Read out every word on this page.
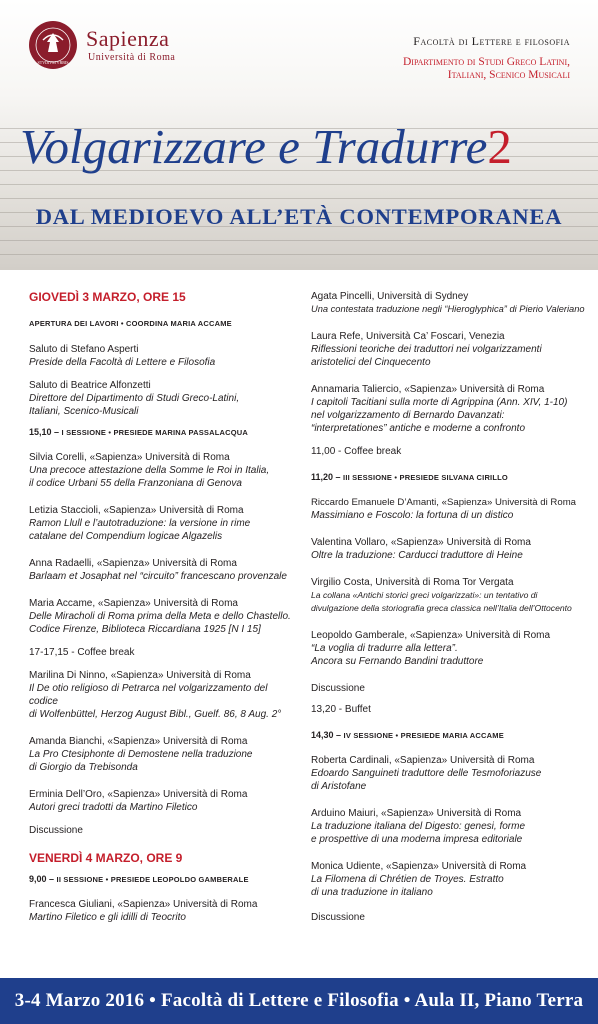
STVDIVM VRBIS
Sapienza
Università di Roma
Facoltà di Lettere e filosofia
Dipartimento di Studi Greco Latini,
Italiani, Scenico Musicali
Volgarizzare e Tradurre2
DAL MEDIOEVO ALL’ETÀ CONTEMPORANEA
GIOVEDÌ 3 MARZO, ORE 15
APERTURA DEI LAVORI • COORDINA MARIA ACCAME
Saluto di Stefano Asperti
Preside della Facoltà di Lettere e Filosofia
Saluto di Beatrice Alfonzetti
Direttore del Dipartimento di Studi Greco-Latini,
Italiani, Scenico-Musicali
15,10 – I SESSIONE • PRESIEDE MARINA PASSALACQUA
Silvia Corelli, «Sapienza» Università di Roma
Una precoce attestazione della Somme le Roi in Italia,
il codice Urbani 55 della Franzoniana di Genova
Letizia Staccioli, «Sapienza» Università di Roma
Ramon Llull e l’autotraduzione: la versione in rime
catalane del Compendium logicae Algazelis
Anna Radaelli, «Sapienza» Università di Roma
Barlaam et Josaphat nel “circuito” francescano provenzale
Maria Accame, «Sapienza» Università di Roma
Delle Miracholi di Roma prima della Meta e dello Chastello.
Codice Firenze, Biblioteca Riccardiana 1925 [N I 15]
17-17,15 - Coffee break
Marilina Di Ninno, «Sapienza» Università di Roma
Il De otio religioso di Petrarca nel volgarizzamento del codice
di Wolfenbüttel, Herzog August Bibl., Guelf. 86, 8 Aug. 2°
Amanda Bianchi, «Sapienza» Università di Roma
La Pro Ctesiphonte di Demostene nella traduzione
di Giorgio da Trebisonda
Erminia Dell’Oro, «Sapienza» Università di Roma
Autori greci tradotti da Martino Filetico
Discussione
VENERDÌ 4 MARZO, ORE 9
9,00 – II SESSIONE • PRESIEDE LEOPOLDO GAMBERALE
Francesca Giuliani, «Sapienza» Università di Roma
Martino Filetico e gli idilli di Teocrito
Agata Pincelli, Università di Sydney
Una contestata traduzione negli “Hieroglyphica” di Pierio Valeriano
Laura Refe, Università Ca’ Foscari, Venezia
Riflessioni teoriche dei traduttori nei volgarizzamenti
aristotelici del Cinquecento
Annamaria Taliercio, «Sapienza» Università di Roma
I capitoli Tacitiani sulla morte di Agrippina (Ann. XIV, 1-10)
nel volgarizzamento di Bernardo Davanzati:
“interpretationes” antiche e moderne a confronto
11,00 - Coffee break
11,20 – III SESSIONE • PRESIEDE SILVANA CIRILLO
Riccardo Emanuele D’Amanti, «Sapienza» Università di Roma
Massimiano e Foscolo: la fortuna di un distico
Valentina Vollaro, «Sapienza» Università di Roma
Oltre la traduzione: Carducci traduttore di Heine
Virgilio Costa, Università di Roma Tor Vergata
La collana «Antichi storici greci volgarizzati»: un tentativo di
divulgazione della storiografia greca classica nell’Italia dell’Ottocento
Leopoldo Gamberale, «Sapienza» Università di Roma
“La voglia di tradurre alla lettera”.
Ancora su Fernando Bandini traduttore
Discussione
13,20 - Buffet
14,30 – IV SESSIONE • PRESIEDE MARIA ACCAME
Roberta Cardinali, «Sapienza» Università di Roma
Edoardo Sanguineti traduttore delle Tesmoforiazuse
di Aristofane
Arduino Maiuri, «Sapienza» Università di Roma
La traduzione italiana del Digesto: genesi, forme
e prospettive di una moderna impresa editoriale
Monica Udiente, «Sapienza» Università di Roma
La Filomena di Chrétien de Troyes. Estratto
di una traduzione in italiano
Discussione
3-4 Marzo 2016 • Facoltà di Lettere e Filosofia • Aula II, Piano Terra
